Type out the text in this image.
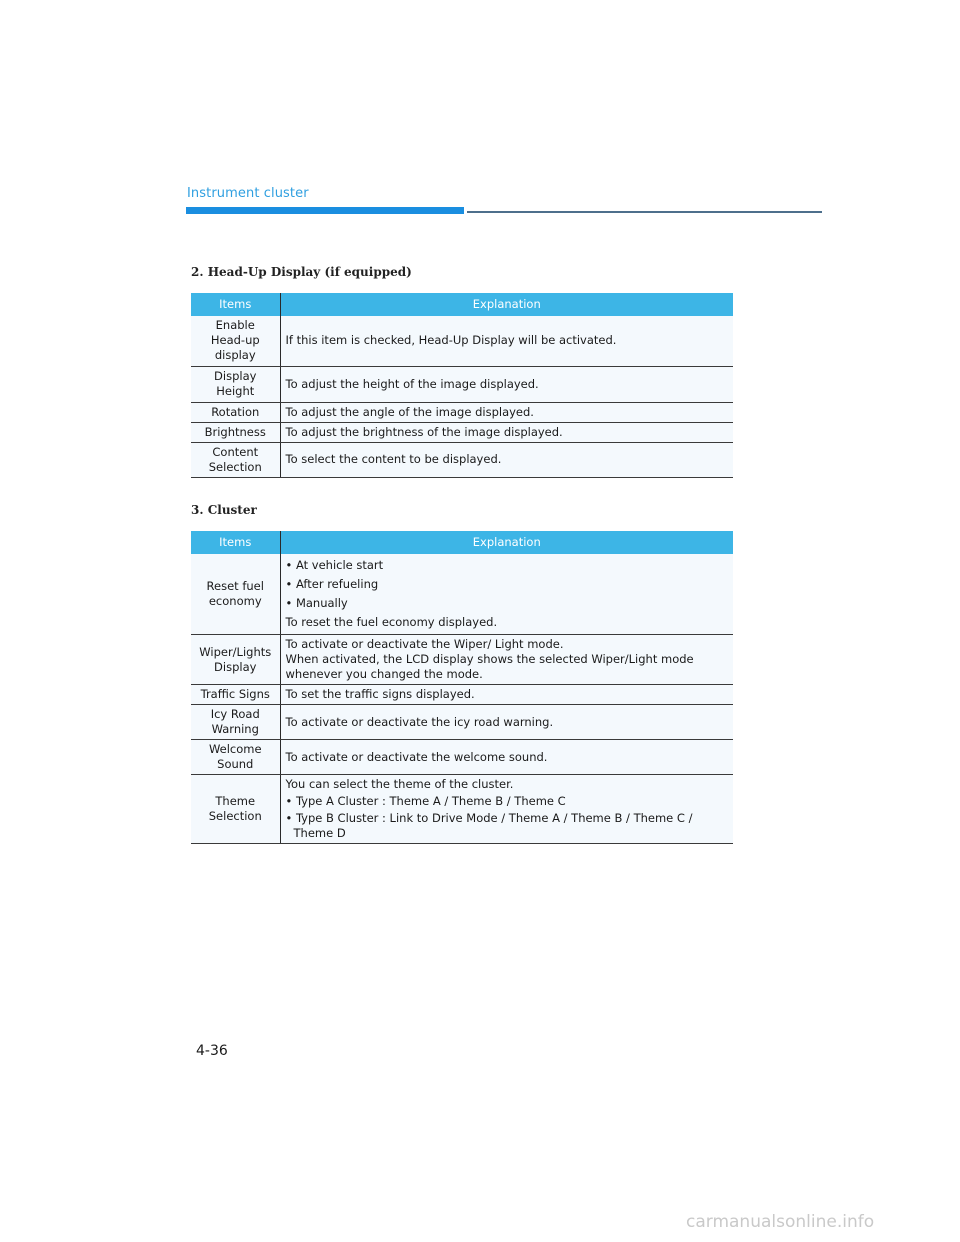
Instrument cluster
2. Head-Up Display (if equipped)
Items	Explanation
Enable Head-up display	If this item is checked, Head-Up Display will be activated.
Display Height	To adjust the height of the image displayed.
Rotation	To adjust the angle of the image displayed.
Brightness	To adjust the brightness of the image displayed.
Content Selection	To select the content to be displayed.
3. Cluster
Items	Explanation
Reset fuel economy	• At vehicle start
• After refueling
• Manually
To reset the fuel economy displayed.

Wiper/Lights Display	To activate or deactivate the Wiper/ Light mode.
When activated, the LCD display shows the selected Wiper/Light mode whenever you changed the mode.

Traffic Signs	To set the traffic signs displayed.
Icy Road Warning	To activate or deactivate the icy road warning.
Welcome Sound	To activate or deactivate the welcome sound.
Theme Selection	You can select the theme of the cluster.
• Type A Cluster : Theme A / Theme B / Theme C
• Type B Cluster : Link to Drive Mode / Theme A / Theme B / Theme C / Theme D
4-36
carmanualsonline.info
